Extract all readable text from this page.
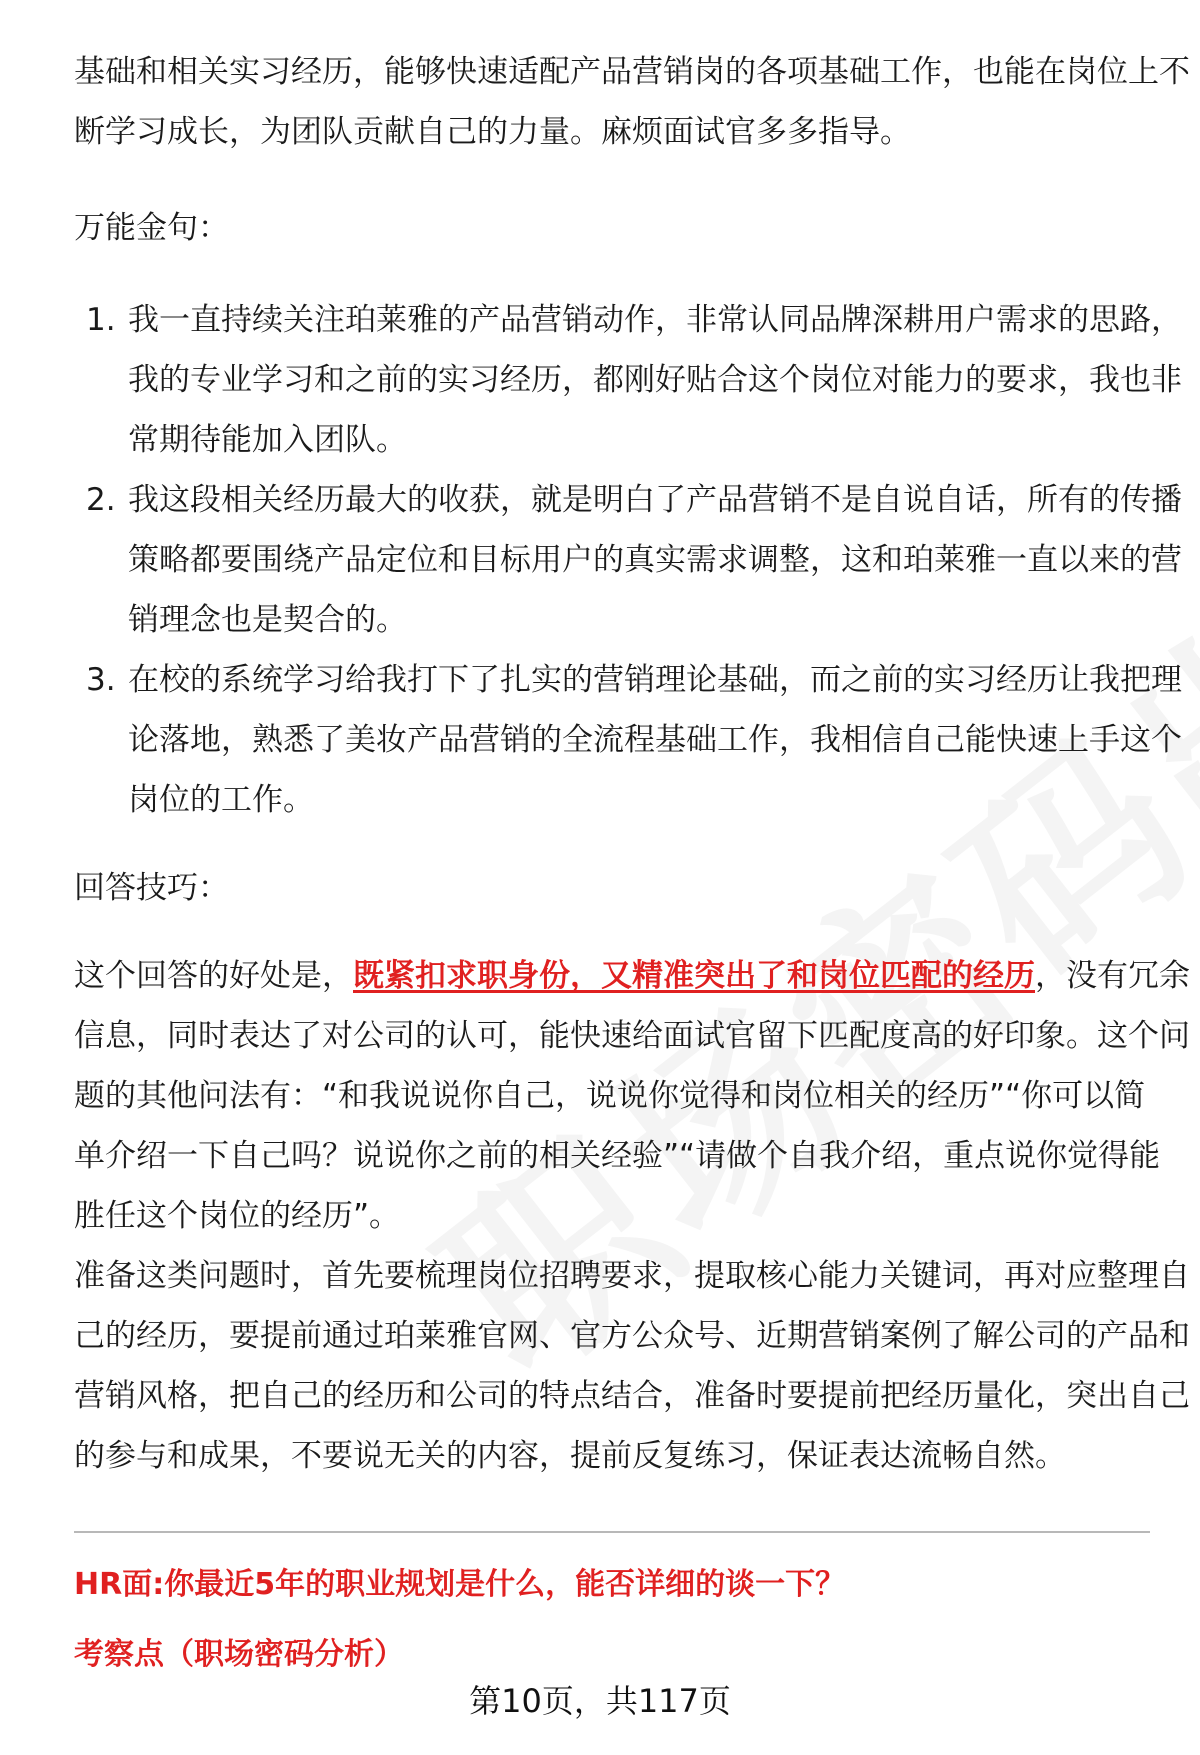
基础和相关实习经历，能够快速适配产品营销岗的各项基础工作，也能在岗位上不
断学习成长，为团队贡献自己的力量。麻烦面试官多多指导。

万能金句：

1. 我一直持续关注珀莱雅的产品营销动作，非常认同品牌深耕用户需求的思路，
我的专业学习和之前的实习经历，都刚好贴合这个岗位对能力的要求，我也非
常期待能加入团队。
2. 我这段相关经历最大的收获，就是明白了产品营销不是自说自话，所有的传播
策略都要围绕产品定位和目标用户的真实需求调整，这和珀莱雅一直以来的营
销理念也是契合的。
3. 在校的系统学习给我打下了扎实的营销理论基础，而之前的实习经历让我把理
论落地，熟悉了美妆产品营销的全流程基础工作，我相信自己能快速上手这个
岗位的工作。

回答技巧：

这个回答的好处是，既紧扣求职身份，又精准突出了和岗位匹配的经历，没有冗余
信息，同时表达了对公司的认可，能快速给面试官留下匹配度高的好印象。这个问
题的其他问法有：“和我说说你自己，说说你觉得和岗位相关的经历”“你可以简
单介绍一下自己吗？说说你之前的相关经验”“请做个自我介绍，重点说你觉得能
胜任这个岗位的经历”。
准备这类问题时，首先要梳理岗位招聘要求，提取核心能力关键词，再对应整理自
己的经历，要提前通过珀莱雅官网、官方公众号、近期营销案例了解公司的产品和
营销风格，把自己的经历和公司的特点结合，准备时要提前把经历量化，突出自己
的参与和成果，不要说无关的内容，提前反复练习，保证表达流畅自然。

HR面:你最近5年的职业规划是什么，能否详细的谈一下？

考察点（职场密码分析）

第10页，共117页
